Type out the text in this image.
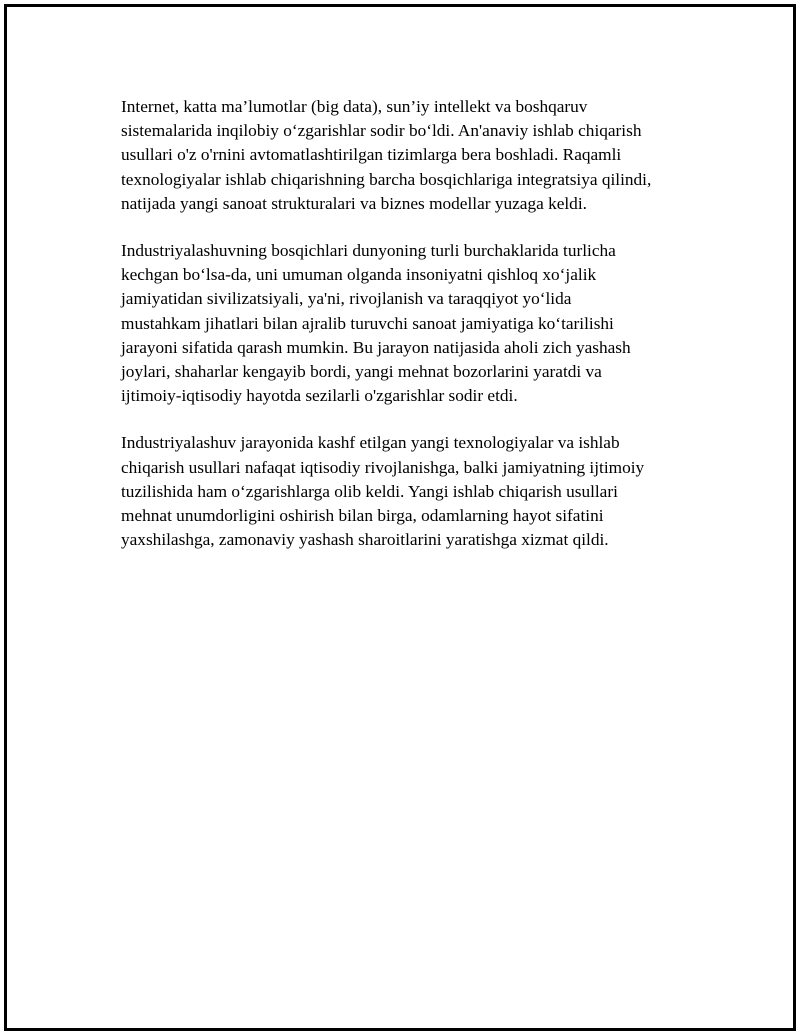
Internet, katta ma’lumotlar (big data), sun’iy intellekt va boshqaruv
sistemalarida inqilobiy o‘zgarishlar sodir bo‘ldi. An'anaviy ishlab chiqarish
usullari o'z o'rnini avtomatlashtirilgan tizimlarga bera boshladi. Raqamli
texnologiyalar ishlab chiqarishning barcha bosqichlariga integratsiya qilindi,
natijada yangi sanoat strukturalari va biznes modellar yuzaga keldi.

Industriyalashuvning bosqichlari dunyoning turli burchaklarida turlicha
kechgan bo‘lsa-da, uni umuman olganda insoniyatni qishloq xo‘jalik
jamiyatidan sivilizatsiyali, ya'ni, rivojlanish va taraqqiyot yo‘lida
mustahkam jihatlari bilan ajralib turuvchi sanoat jamiyatiga ko‘tarilishi
jarayoni sifatida qarash mumkin. Bu jarayon natijasida aholi zich yashash
joylari, shaharlar kengayib bordi, yangi mehnat bozorlarini yaratdi va
ijtimoiy-iqtisodiy hayotda sezilarli o'zgarishlar sodir etdi.

Industriyalashuv jarayonida kashf etilgan yangi texnologiyalar va ishlab
chiqarish usullari nafaqat iqtisodiy rivojlanishga, balki jamiyatning ijtimoiy
tuzilishida ham o‘zgarishlarga olib keldi. Yangi ishlab chiqarish usullari
mehnat unumdorligini oshirish bilan birga, odamlarning hayot sifatini
yaxshilashga, zamonaviy yashash sharoitlarini yaratishga xizmat qildi.
